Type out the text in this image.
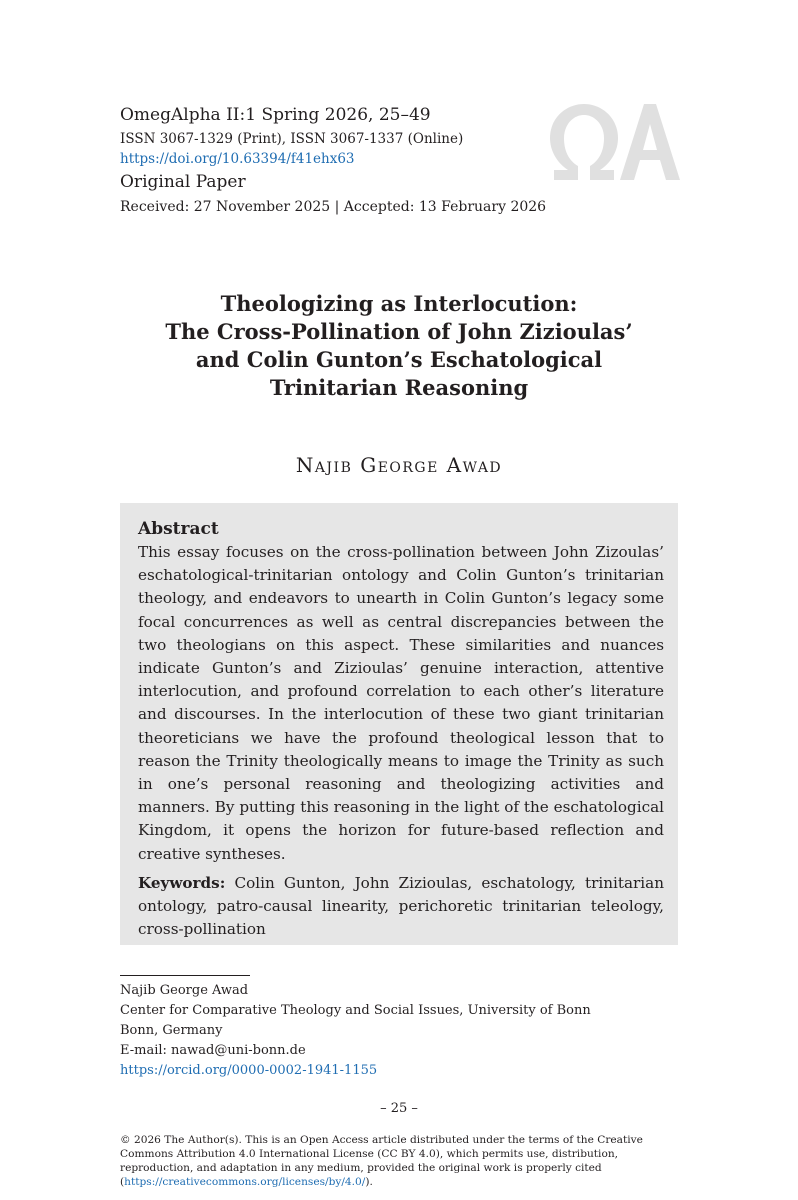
OmegAlpha II:1 Spring 2026, 25–49
ISSN 3067-1329 (Print), ISSN 3067-1337 (Online)
https://doi.org/10.63394/f41ehx63
Original Paper
Received: 27 November 2025 | Accepted: 13 February 2026
Theologizing as Interlocution:
The Cross-Pollination of John Zizioulas’
and Colin Gunton’s Eschatological
Trinitarian Reasoning
Najib George Awad
Abstract
This essay focuses on the cross-pollination between John Zizoulas’ eschatological-trinitarian ontology and Colin Gunton’s trinitarian theology, and endeavors to unearth in Colin Gunton’s legacy some focal concurrences as well as central discrepancies between the two theologians on this aspect. These similarities and nuances indicate Gunton’s and Zizioulas’ genuine interaction, attentive interlocution, and profound correlation to each other’s literature and discourses. In the interlocution of these two giant trinitarian theoreticians we have the profound theological lesson that to reason the Trinity theologically means to image the Trinity as such in one’s personal reasoning and theologizing activities and manners. By putting this reasoning in the light of the eschatological Kingdom, it opens the horizon for future-based reflection and creative syntheses.
Keywords: Colin Gunton, John Zizioulas, eschatology, trinitarian ontology, patro-causal linearity, perichoretic trinitarian teleology, cross-pollination
Najib George Awad
Center for Comparative Theology and Social Issues, University of Bonn
Bonn, Germany
E-mail: nawad@uni-bonn.de
https://orcid.org/0000-0002-1941-1155
– 25 –
© 2026 The Author(s). This is an Open Access article distributed under the terms of the Creative Commons Attribution 4.0 International License (CC BY 4.0), which permits use, distribution, reproduction, and adaptation in any medium, provided the original work is properly cited (https://creativecommons.org/licenses/by/4.0/).
